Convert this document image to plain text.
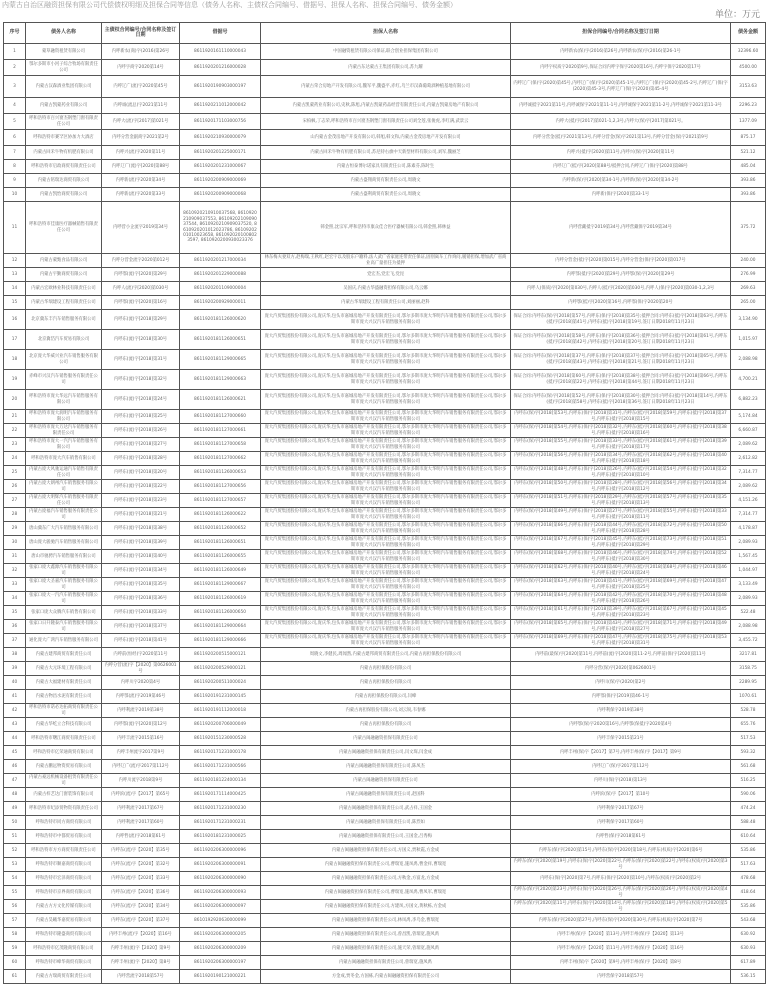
内蒙古自治区融资担保有限公司代偿债权明细及担保合同等信息（债务人名称、主债权合同编号、借据号、担保人名称、担保合同编号、债务金额）
单位：万元
序号	债务人名称	主债权合同编号/合同名称及签订日期	借据号	担保人名称	担保合同编号/合同名称及签订日期	债务金额
1	蒙草融资租赁有限公司	内呼新农(商)字(2016)第26号	8611920161110000043	中国融资租赁有限公司保证,联合创业担保集团有限公司	内呼新农(保)字(2016)第26号,内呼新农(保)字(2016)第26-1号	32396.60
2	鄂尔多斯市小河子综合牧场有限责任公司	内呼字商字2020第14号	8611920201216000028	内蒙古东达蒙古王集团有限公司,苏九耀	内呼字权质字2020第9号,保证合同内呼字保字2020第16号,内呼字保字2020第17号	4500.00
3	内蒙古汉森酒业集团有限公司	内呼辽广(流)字2020第45号	8611920190903000197	内蒙古荣合房地产开发有限公司,魏军平,魏盛平,赤红,乌兰市汉森葡萄酒种植基地有限公司	内呼辽广(保)字(2020)第45号,内呼辽广(保)字(2020)第45-1号,内呼辽广(保)字(2020)第45-2号,内呼辽广(保)字(2020)第45-3号,内呼辽广(保)字(2020)第45-4号	3153.63
4	内蒙古凯蒙药业有限公司	内呼诚(流总)字2021第11号	8611920211012000042	内蒙古凯蒙药业有限公司,史秋,陈旭,内蒙古凯蒙药品经营有限责任公司,内蒙古凯蒙房地产有限公司	内呼诚抵字2021第11号,内呼诚保字2021第11-1号,内呼诚保字2021第11-2号,内呼诚保字2021第11-3号	2296.23
5	呼和浩特市百兴窗杰钢塑门窗有限责任公司	内呼大(流)字[2017]第021号	8611920171103000756	宋柏枫,丁志荣,呼和浩特市百兴窗杰钢塑门窗有限责任公司刘全莲,张俊虎,李红满,武景云	内呼大(抵)字[2017]第021-1,2,3号,内呼大(保)字[2017]第021号。	1377.09
6	呼和浩特市赛罕区协加力大酒店	内呼分营金副商字2021第2号	8611920210930000079	山内蒙古金茂房地产开发有限公司,韩旭,韩文和,内蒙古金茂房地产开发有限公司	内呼分营金(抵)字2021第13号,内呼分营金(保)字2021第13号,内呼分营金(保)字2021第9号	875.17
7	内蒙古回禾牛物有机肥有限公司	内呼兴(流)字2020第11号	8611920201225000171	内蒙古回禾牛物有机肥有限公司,苏尼特右旗中天新型材料有限公司,刘军,魏丽芝	内呼兴(抵)字[2020]第11号,内呼兴(保)字[2020]第11号	521.12
8	呼和浩特市启政商贸有限责任公司	内呼辽广(流)字[2020]第88号	8611920201231000067	内蒙古恒泰博尔诺家具有限责任公司,陈素芬,陈时生	内呼辽广(抵)字[2020]第88号/抵押合同,内呼辽广(保)字[2020]第88号	485.04
9	内蒙古铭瑞达商贸有限公司	内呼新(流)字2020第34号	8611920200909000069	内蒙古盛翔商贸有限责任公司,周晓文	内呼新(保)字[2020]第34-1号,内呼新(保)字[2020]第34-2号	393.86
10	内蒙古凯怡商贸有限公司	内呼新(流)字2020第33号	8611920200909000068	内蒙古盛利商贸有限责任公司,周晓文	内呼新(保)字[2020]第33-1号	393.86
11	呼和浩特市佳康医疗器械销售有限责任公司	内呼营小企流字2019第34号	8610920210910037568, 8610920210909037553, 8610920210909037544, 8610920210909037520, 8610920201012023786, 8610920201010023658, 8610920201008023597, 8610920200930023376	韩金照,沈宗军,呼和浩特市康众佳合医疗器械有限公司,韩金照,韩林益	内呼营藏抵字2019第34号,内呼营藏保字2019第34号	375.72
12	内蒙古蒙甄食品有限公司	内呼分营金流字2020第012号	8611920201217000034	林东梅夫妻双方,赵梅瑞,王秋红,赵宏宇以及股东户籍料,法人武广省家庭连带责任保证,固别离车工作询问,履销担保,增加武广省商业高广量担任为抵押	内呼分营金(抵)字[2020]第015号,内呼分营金(保)字[2020]第017号	240.00
13	内蒙古宇勤商贸有限公司	内呼鄂(流)字[2020]第29号	8611920201229000088	党宏杰,党宏飞,党昆	内呼鄂(抵)字[2020]第29号,内呼鄂(保)字[2020]第29号	276.99
14	内蒙古宏欧林业科技有限责任公司	内呼人(流)字[2020]第030号	8611920201109000004	吴国庆,内蒙古华盛融资担保有限公司,乌云娜	内呼人(保质)字[2020]第030号,内呼人(抵)字[2020]第030号,内呼人(保)字[2020]第030-1,2,3号	269.63
15	内蒙古华瑞建设工程有限责任公司	内呼鄂(流)字[2020]第16号	8611920200929000011	内蒙古华瑞建设工程有限责任公司,刘丽丽,赵科	内呼鄂(抵)字[2020]第16号,内呼鄂(保)字2020第20号	265.00
16	北京冀东丰汽车销售服务有限公司	内呼东(流)字[2018]第29号	8611920181126000620	庞大汽贸集团股份有限公司,庞庆华,包头市嘉城房地产开发有限责任公司,鄂尔多斯市庞大华明汽车销售服务有限责任公司,鄂尔多斯市庞大兴汉汽车销售服务有限公司	保证合同:内呼东(保)字[2018]第57号,内呼东(保)字[2018]第35号;抵押合同:内呼东(抵)字[2018]第63号,内呼东(抵)字[2018]第41号,内呼东(抵)字[2018]第19号,签订日期2018年11月23日	3,134.90
17	北京冀岱汽车贸易有限公司	内呼东(流)字[2018]第30号	8611920181126000651	庞大汽贸集团股份有限公司,庞庆华,包头市嘉城房地产开发有限责任公司,鄂尔多斯市庞大华明汽车销售服务有限责任公司,鄂尔多斯市庞大兴汉汽车销售服务有限公司	保证合同:内呼东(保)字[2018]第58号,内呼东(保)字[2018]第36号;抵押合同:内呼东(抵)字[2018]第61号,内呼东(抵)字[2018]第42号,内呼东(抵)字[2018]第20号,签订日期2018年11月23日	1,015.97
18	北京庞大华威兴业汽车销售服务有限公司	内呼东(流)字[2018]第31号	8611920181129000665	庞大汽贸集团股份有限公司,庞庆华,包头市嘉城房地产开发有限责任公司,鄂尔多斯市庞大华明汽车销售服务有限责任公司,鄂尔多斯市庞大兴汉汽车销售服务有限公司	保证合同:内呼东(保)字[2018]第37号,内呼东(保)字[2018]第37号;抵押合同:内呼东(抵)字[2018]第65号,内呼东(抵)字[2018]第43号,内呼东(抵)字[2018]第21号,签订日期2018年11月23日	2,088.98
19	赤峰市兴汉汽车销售服务有限责任公司	内呼东(流)字[2018]第32号	8611920181129000663	庞大汽贸集团股份有限公司,庞庆华,包头市嘉城房地产开发有限责任公司,鄂尔多斯市庞大华明汽车销售服务有限责任公司,鄂尔多斯市庞大兴汉汽车销售服务有限公司	保证合同:内呼东(保)字[2018]第60号,内呼东(保)字[2018]第38号;抵押合同:内呼东(抵)字[2018]第66号,内呼东(抵)字[2018]第22号,内呼东(抵)字[2018]第44号,签订日期2018年11月23日	4,700.21
20	呼和浩特市庞大华远汽车销售服务有限公司	内呼东(流)字[2018]第24号	8611920181126000621	庞大汽贸集团股份有限公司,庞庆华,包头市嘉城房地产开发有限责任公司,鄂尔多斯市庞大华明汽车销售服务有限责任公司,鄂尔多斯市庞大兴汉汽车销售服务有限公司	保证合同:内呼东(保)字[2018]第52号,内呼东(保)字[2018]第30号;抵押合同:内呼东(抵)字[2018]第14号,内呼东(抵)字[2018]第58号,内呼东(抵)字[2018]第36号,签订日期2018年11月23日	6,882.23
21	呼和浩特市庞大润明汽车销售服务有限公司	内呼东(流)字[2018]第25号	8611920181127000660	庞大汽贸集团股份有限公司,庞庆华,包头市嘉城房地产开发有限责任公司,鄂尔多斯市庞大华明汽车销售服务有限责任公司,鄂尔多斯市庞大兴汉汽车销售服务有限公司	内呼东(保)字[2018]第53号,内呼东(保)字[2018]第31号,内呼东(抵)字[2018]第59号,内呼东(抵)字[2018]第37号,内呼东(抵)字[2018]第15号	5,174.84
22	呼和浩特市庞大万达汽车销售服务有限责任公司	内呼东(流)字[2018]第26号	8611920181127000661	庞大汽贸集团股份有限公司,庞庆华,包头市嘉城房地产开发有限责任公司,鄂尔多斯市庞大华明汽车销售服务有限责任公司,鄂尔多斯市庞大兴汉汽车销售服务有限公司	内呼东(保)字[2018]第54号,内呼东(保)字[2018]第32号,内呼东(抵)字[2018]第60号,内呼东(抵)字[2018]第38号,内呼东(抵)字[2018]第16号	6,660.87
23	呼和浩特市庞大一汽汽车销售服务有限公司	内呼东(流)字[2018]第27号	8611920181127000658	庞大汽贸集团股份有限公司,庞庆华,包头市嘉城房地产开发有限责任公司,鄂尔多斯市庞大华明汽车销售服务有限责任公司,鄂尔多斯市庞大兴汉汽车销售服务有限公司	内呼东(保)字[2018]第55号,内呼东(保)字[2018]第33号,内呼东(抵)字[2018]第61号,内呼东(抵)字[2018]第39号,内呼东(抵)字[2018]第17号	2,089.62
24	呼和浩特市庞大汽车销售有限公司	内呼东(流)字[2018]第28号	8611920181127000662	庞大汽贸集团股份有限公司,庞庆华,包头市嘉城房地产开发有限责任公司,鄂尔多斯市庞大华明汽车销售服务有限责任公司,鄂尔多斯市庞大兴汉汽车销售服务有限公司	内呼东(保)字[2018]第56号,内呼东(保)字[2018]第34号,内呼东(抵)字[2018]第62号,内呼东(抵)字[2018]第40号,内呼东(抵)字[2018]第18号	2,612.82
25	内蒙古庞大风驰运通汽车销售有限责任公司	内呼东(流)字[2018]第20号	8611920181126000653	庞大汽贸集团股份有限公司,庞庆华,包头市嘉城房地产开发有限责任公司,鄂尔多斯市庞大华明汽车销售服务有限责任公司,鄂尔多斯市庞大兴汉汽车销售服务有限公司	内呼东(保)字[2018]第48号,内呼东(保)字[2018]第26号,内呼东(抵)字[2018]第54号,内呼东(抵)字[2018]第32号,内呼东(抵)字[2018]第10号	7,314.77
26	内蒙古庞大朗州汽车销售服务有限公司	内呼东(流)字[2018]第22号	8611920181127000656	庞大汽贸集团股份有限公司,庞庆华,包头市嘉城房地产开发有限责任公司,鄂尔多斯市庞大华明汽车销售服务有限责任公司,鄂尔多斯市庞大兴汉汽车销售服务有限公司	内呼东(保)字[2018]第50号,内呼东(保)字[2018]第28号,内呼东(抵)字[2018]第56号,内呼东(抵)字[2018]第34号,内呼东(抵)字[2018]第12号	2,089.62
27	内蒙古庞大明辉汽车销售服务有限责任公司	内呼东(流)字[2018]第23号	8611920181127000657	庞大汽贸集团股份有限公司,庞庆华,包头市嘉城房地产开发有限责任公司,鄂尔多斯市庞大华明汽车销售服务有限责任公司,鄂尔多斯市庞大兴汉汽车销售服务有限公司	内呼东(保)字[2018]第51号,内呼东(保)字[2018]第29号,内呼东(抵)字[2018]第57号,内呼东(抵)字[2018]第35号,内呼东(抵)字[2018]第13号	4,151.26
28	内蒙古庞福汽车销售服务有限责任公司	内呼东(流)字[2018]第21号	8611920181126000622	庞大汽贸集团股份有限公司,庞庆华,包头市嘉城房地产开发有限责任公司,鄂尔多斯市庞大华明汽车销售服务有限责任公司,鄂尔多斯市庞大兴汉汽车销售服务有限公司	内呼东(保)字[2018]第49号,内呼东(保)字[2018]第27号,内呼东(抵)字[2018]第55号,内呼东(抵)字[2018]第33号,内呼东(抵)字[2018]第11号	7,314.77
29	唐山冀东广大汽车销售服务有限公司	内呼东(流)字[2018]第38号	8611920181126000652	庞大汽贸集团股份有限公司,庞庆华,包头市嘉城房地产开发有限责任公司,鄂尔多斯市庞大华明汽车销售服务有限责任公司,鄂尔多斯市庞大兴汉汽车销售服务有限公司	内呼东(保)字[2018]第66号,内呼东(保)字[2018]第44号,内呼东(抵)字[2018]第72号,内呼东(抵)字[2018]第50号,内呼东(抵)字[2018]第28号	4,178.87
30	唐山庞大骏驰汽车销售服务有限公司	内呼东(流)字[2018]第39号	8611920181126000651	庞大汽贸集团股份有限公司,庞庆华,包头市嘉城房地产开发有限责任公司,鄂尔多斯市庞大华明汽车销售服务有限责任公司,鄂尔多斯市庞大兴汉汽车销售服务有限公司	内呼东(保)字[2018]第67号,内呼东(保)字[2018]第45号,内呼东(抵)字[2018]第73号,内呼东(抵)字[2018]第51号,内呼东(抵)字[2018]第29号	2,089.93
31	唐山市驰骋汽车销售服务有限公司	内呼东(流)字[2018]第40号	8611920181126000655	庞大汽贸集团股份有限公司,庞庆华,包头市嘉城房地产开发有限责任公司,鄂尔多斯市庞大华明汽车销售服务有限责任公司,鄂尔多斯市庞大兴汉汽车销售服务有限公司	内呼东(保)字[2018]第68号,内呼东(保)字[2018]第46号,内呼东(抵)字[2018]第74号,内呼东(抵)字[2018]第52号,内呼东(抵)字[2018]第30号	1,567.45
32	张家口庞大鑫源汽车销售服务有限公司	内呼东(流)字[2018]第34号	8611920181126000649	庞大汽贸集团股份有限公司,庞庆华,包头市嘉城房地产开发有限责任公司,鄂尔多斯市庞大华明汽车销售服务有限责任公司,鄂尔多斯市庞大兴汉汽车销售服务有限公司	内呼东(保)字[2018]第62号,内呼东(保)字[2018]第40号,内呼东(抵)字[2018]第68号,内呼东(抵)字[2018]第46号,内呼东(抵)字[2018]第24号	1,044.97
33	张家口庞大圣嘉汽车销售服务有限公司	内呼东(流)字[2018]第35号	8611920181129000667	庞大汽贸集团股份有限公司,庞庆华,包头市嘉城房地产开发有限责任公司,鄂尔多斯市庞大华明汽车销售服务有限责任公司,鄂尔多斯市庞大兴汉汽车销售服务有限公司	内呼东(保)字[2018]第63号,内呼东(保)字[2018]第41号,内呼东(抵)字[2018]第69号,内呼东(抵)字[2018]第47号,内呼东(抵)字[2018]第25号	3,133.49
34	张家口庞大一汽汽车销售服务有限公司	内呼东(流)字[2018]第36号	8611920181126000619	庞大汽贸集团股份有限公司,庞庆华,包头市嘉城房地产开发有限责任公司,鄂尔多斯市庞大华明汽车销售服务有限责任公司,鄂尔多斯市庞大兴汉汽车销售服务有限公司	内呼东(保)字[2018]第64号,内呼东(保)字[2018]第42号,内呼东(抵)字[2018]第70号,内呼东(抵)字[2018]第48号,内呼东(抵)字[2018]第26号	2,089.93
35	张家口庞大众腾汽车销售有限公司	内呼东(流)字[2018]第33号	8611920181126000650	庞大汽贸集团股份有限公司,庞庆华,包头市嘉城房地产开发有限责任公司,鄂尔多斯市庞大华明汽车销售服务有限责任公司,鄂尔多斯市庞大兴汉汽车销售服务有限公司	内呼东(保)字[2018]第61号,内呼东(保)字[2018]第39号,内呼东(抵)字[2018]第67号,内呼东(抵)字[2018]第45号,内呼东(抵)字[2018]第23号	522.48
36	张家口日升隆泰汽车销售服务有限公司	内呼东(流)字[2018]第37号	8611920181129000664	庞大汽贸集团股份有限公司,庞庆华,包头市嘉城房地产开发有限责任公司,鄂尔多斯市庞大华明汽车销售服务有限责任公司,鄂尔多斯市庞大兴汉汽车销售服务有限公司	内呼东(保)字[2018]第65号,内呼东(保)字[2018]第43号,内呼东(抵)字[2018]第71号,内呼东(抵)字[2018]第49号,内呼东(抵)字[2018]第27号	2,088.98
37	通化庞大广鸿汽车销售服务有限公司	内呼东(流)字[2018]第41号	8611920181129000666	庞大汽贸集团股份有限公司,庞庆华,包头市嘉城房地产开发有限责任公司,鄂尔多斯市庞大华明汽车销售服务有限责任公司,鄂尔多斯市庞大兴汉汽车销售服务有限公司	内呼东(保)字[2018]第69号,内呼东(保)字[2018]第47号,内呼东(抵)字[2018]第75号,内呼东(抵)字[2018]第53号,内呼东(抵)字[2018]第31号	3,455.72
38	内蒙古建邦商贸有限责任公司	内呼前(恒经)字2020第11号	8611920200515000121	周晓文,李健民,周闻然,内蒙古建邦商贸有限责任公司,内蒙古再担保股份有限公司	内呼前(最保)字[2020]第11号,内呼前(流)字[2020]第11-2号,内呼前(保)字[2020]第11号	3217.81
39	内蒙古大元环境工程有限公司	内呼分营(流)字【2020】第0626001号	8611920200529000121	内蒙古再担保股份有限公司	内呼分营(保)字[2020]第0626001号	3158.75
40	内蒙古大福建材有限责任公司	内呼川字2020第4号	8611920200511000024	内蒙古再担保股份有限公司	内呼川(保)字(2020)第2号	2289.95
41	内蒙古物昌水泥有限责任公司	内呼鄂(流)字2019第46号	8611920191231000145	内蒙古再担保股份有限公司,闫峰	内呼鄂(保)字[2019]第46-1号	1070.61
42	呼和浩特市诺必达拓商贸有限责任公司	内呼利流字2019第38号	8611920191112000018	内蒙古再担保股份有限公司,刘云锐,韦春娜	内呼利保字2019第38号	528.78
43	内蒙古华屹立合科技有限公司	内呼鄂(流)字[2020]第12号	8611920200706000049	内蒙古再担保股份有限公司	内呼鄂(保)字2020第16号,内呼鄂(保抵)字2020第4号	655.76
44	呼和浩特市曙江商贸有限责任公司	内呼丰流字2015第16号	8611920151230000528	内蒙古闽融融资担保有限责任公司	内呼丰保字2015第21号	517.53
45	呼和浩特市亿荣通商贸有限公司	内呼丰州流字2017第9号	8611920171231000178	内蒙古闽融融资担保有限责任公司,闫文琛,闫金成	内呼丰州(保)字【2017】第7号,内呼丰州(保)字【2017】第9号	593.32
46	内蒙古鹏远物资贸易有限公司	内呼辽广(流)字2017第112号	8611920171231000566	内蒙古闽融融资担保有限责任公司,陈凤杰	内呼辽广(保)字2017第112号	561.68
47	内蒙古豪远机械设备租赁有限责任公司	内呼川流字2018第9号	8611920181224000134	内蒙古闽融融资担保有限责任公司	内呼川(保)字(2018)第13号	516.25
48	内蒙古梓艺达门窗装饰有限公司	内呼滨(流)字【2017】第65号	8611920171114000425	内蒙古闽融融资担保有限责任公司,赵国科	内呼滨(保)字【2017】第10号	590.06
49	呼和浩特市纪添贸物资有限责任公司	内呼利流字2017第67号	8611920171231000230	内蒙古闽融融资担保有限责任公司,武占祥,王国金	内呼利保字2017第67号	474.24
50	呼和浩特市同方商贸有限公司	内呼利流字2017第60号	8611920171231000231	内蒙古闽融融资担保有限责任公司,陈烈如	内呼利保字2017第60号	588.48
51	呼和浩特市中都贸易有限公司	内呼哲(流)字2018第61号	8611920181231000025	内蒙古闽融融资担保有限责任公司,王国金,吕秀梅	内呼哲(保)字2018第61号	610.64
52	呼和浩特市方方商贸有限责任公司	内呼东(流)字【2020】第35号	8611920206300000096	内蒙古闽融融资担保有限责任公司,方国义,贾秋霞,方金成	内呼东(保)字[2020]第15号,内呼东(保)字[2020]第18号,内呼东(权质)字[2020]第6号	535.86
53	呼和浩特市顺嘉商贸有限公司	内呼东(流)字【2020】第32号	8611920206300000091	内蒙古闽融融资担保有限责任公司,曹瑞宽,施凤禹,曹金祥,曹瑞宽	内呼东(保)字[2020]第19号,内呼东(保)字[2020]第22号,内呼东(保)字[2020]第22号,内呼东(权质)字[2020]第3号	517.63
54	呼和浩特市宏泽商贸有限公司	内呼东(流)字【2020】第33号	8611920206300000090	内蒙古闽融融资担保有限责任公司,方秋金,方富龙,方金成	内呼东(保)字[2020]第7号,内呼东(保)字[2020]第10号,内呼东(权质)字[2020]第2号	478.68
55	呼和浩特市京界商贸有限公司	内呼东(流)字【2020】第36号	8611920206300000093	内蒙古闽融融资担保有限责任公司,曹瑞宽,施凤禹,曹凤军,曹瑞宽	内呼东(保)字[2020]第23号,内呼东(保)字[2020]第26号,内呼东(保)字[2020]第26号,内呼东(权质)字[2020]第4号	418.64
56	内蒙古方方文化传媒有限公司	内呼东(流)字【2020】第34号	8611920206300000097	内蒙古闽融融资担保有限责任公司,方建凤,方国文,黄秋栋,方金成	内呼东(保)字[2020]第11号,内呼东(保)字[2020]第14号,内呼东(保)字[2020]第18号,内呼东(权质)字[2020]第5号	535.86
57	内蒙古昊曦华嘉贸易有限公司	内呼东(流)字【2020】第37号	8610192920630000099	内蒙古闽融融资担保有限责任公司,林凤禹,李乌金,曹瑞宽	内呼东(保)字[2020]第27号,内呼东(保)字[2020]第30号,内呼东(权质)字[2020]第7号	543.68
58	呼和浩特市隆盛商贸有限公司	内呼丰州(流)字【2020】第16号	8611920206300000205	内蒙古闽融融资担保有限责任公司,曾昌凯,曾瑞宽,施凤禹	内呼丰州(保)字【2020】第13号,内呼丰州(保)字【2020】第13号	630.92
59	呼和浩特市亿茂隆商贸有限公司	内呼丰州(流)字【2020】第9号	8611920206300000209	内蒙古闽融融资担保有限责任公司,施天荣,曾瑞宽,施凤禹	内呼丰州(保)字【2020】第11号,内呼丰州(保)字【2020】第16号	630.93
60	呼和浩特市峰华商贸有限公司	内呼丰州(流)字【2020】第8号	8611920206300000197	内蒙古闽融融资担保有限责任公司,曾瑞宽,施凤禹	内呼丰州(保)字【2020】第9号,内呼丰州(保)字【2020】第8号	617.89
61	内蒙古方瑞商贸有限责任公司	内呼营流字2018第57号	8611920190121000221	方金成,贾冬金,方国栋,内蒙古闽融融资担保有限责任公司	内呼营保字2018第57号	536.15
